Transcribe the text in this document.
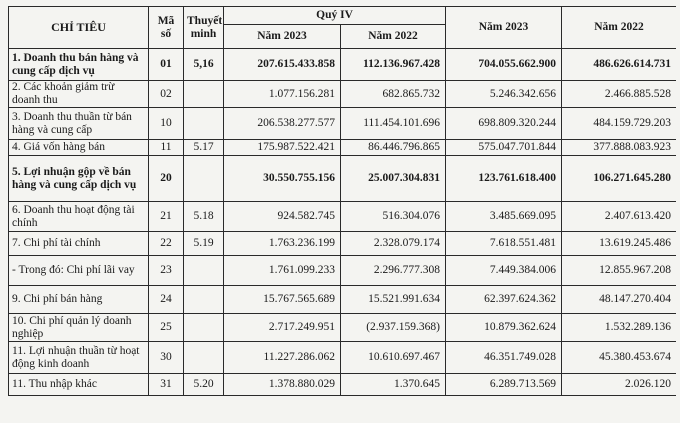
CHỈ TIÊU	Mã số	Thuyết minh	Quý IV		Năm 2023	Năm 2022
			Năm 2023	Năm 2022		
1. Doanh thu bán hàng và cung cấp dịch vụ	01	5,16	207.615.433.858	112.136.967.428	704.055.662.900	486.626.614.731
2. Các khoản giảm trừ doanh thu	02		1.077.156.281	682.865.732	5.246.342.656	2.466.885.528
3. Doanh thu thuần từ bán hàng và cung cấp	10		206.538.277.577	111.454.101.696	698.809.320.244	484.159.729.203
4. Giá vốn hàng bán	11	5.17	175.987.522.421	86.446.796.865	575.047.701.844	377.888.083.923
5. Lợi nhuận gộp về bán hàng và cung cấp dịch vụ	20		30.550.755.156	25.007.304.831	123.761.618.400	106.271.645.280
6. Doanh thu hoạt động tài chính	21	5.18	924.582.745	516.304.076	3.485.669.095	2.407.613.420
7. Chi phí tài chính	22	5.19	1.763.236.199	2.328.079.174	7.618.551.481	13.619.245.486
- Trong đó: Chi phí lãi vay	23		1.761.099.233	2.296.777.308	7.449.384.006	12.855.967.208
9. Chi phí bán hàng	24		15.767.565.689	15.521.991.634	62.397.624.362	48.147.270.404
10. Chi phí quản lý doanh nghiệp	25		2.717.249.951	(2.937.159.368)	10.879.362.624	1.532.289.136
11. Lợi nhuận thuần từ hoạt động kinh doanh	30		11.227.286.062	10.610.697.467	46.351.749.028	45.380.453.674
11. Thu nhập khác	31	5.20	1.378.880.029	1.370.645	6.289.713.569	2.026.120
